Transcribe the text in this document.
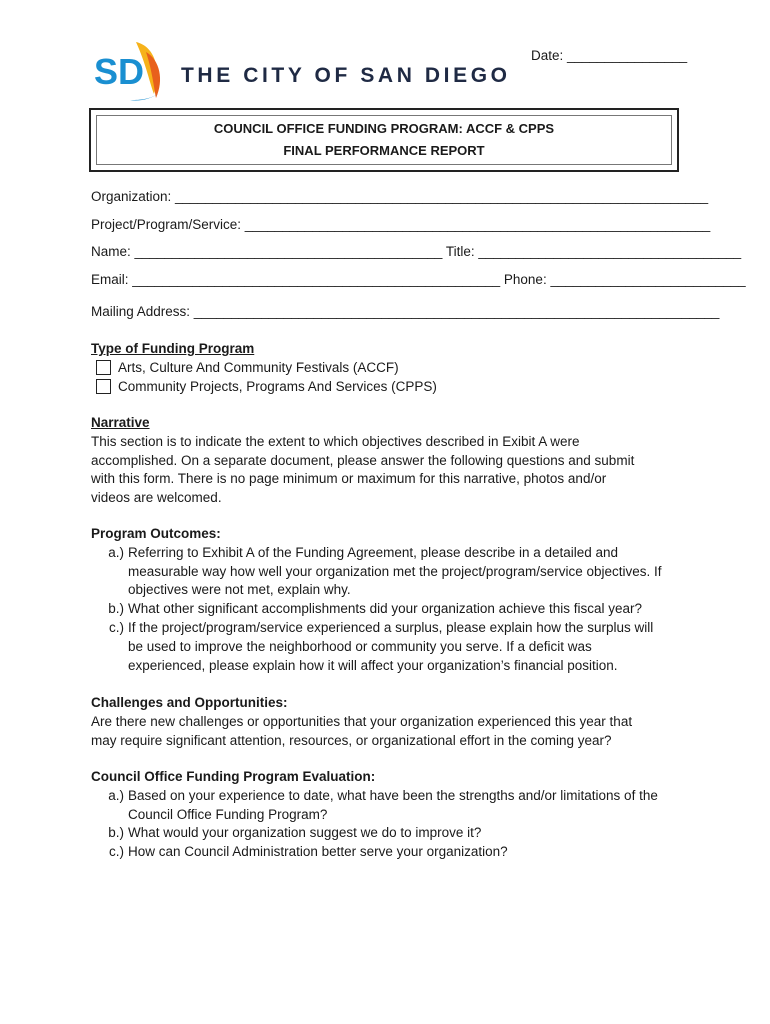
SD THE CITY OF SAN DIEGO
Date: ________________
COUNCIL OFFICE FUNDING PROGRAM: ACCF & CPPS
FINAL PERFORMANCE REPORT
Organization: _______________________________________________________________________
Project/Program/Service: ______________________________________________________________
Name: _________________________________________ Title: ___________________________________
Email: _________________________________________________ Phone: __________________________
Mailing Address: ______________________________________________________________________
Type of Funding Program
Arts, Culture And Community Festivals (ACCF)
Community Projects, Programs And Services (CPPS)
Narrative
This section is to indicate the extent to which objectives described in Exibit A were
accomplished. On a separate document, please answer the following questions and submit
with this form. There is no page minimum or maximum for this narrative, photos and/or
videos are welcomed.
Program Outcomes:
a.) Referring to Exhibit A of the Funding Agreement, please describe in a detailed and
measurable way how well your organization met the project/program/service objectives. If
objectives were not met, explain why.
b.) What other significant accomplishments did your organization achieve this fiscal year?
c.) If the project/program/service experienced a surplus, please explain how the surplus will
be used to improve the neighborhood or community you serve. If a deficit was
experienced, please explain how it will affect your organization’s financial position.
Challenges and Opportunities:
Are there new challenges or opportunities that your organization experienced this year that
may require significant attention, resources, or organizational effort in the coming year?
Council Office Funding Program Evaluation:
a.) Based on your experience to date, what have been the strengths and/or limitations of the
Council Office Funding Program?
b.) What would your organization suggest we do to improve it?
c.) How can Council Administration better serve your organization?
